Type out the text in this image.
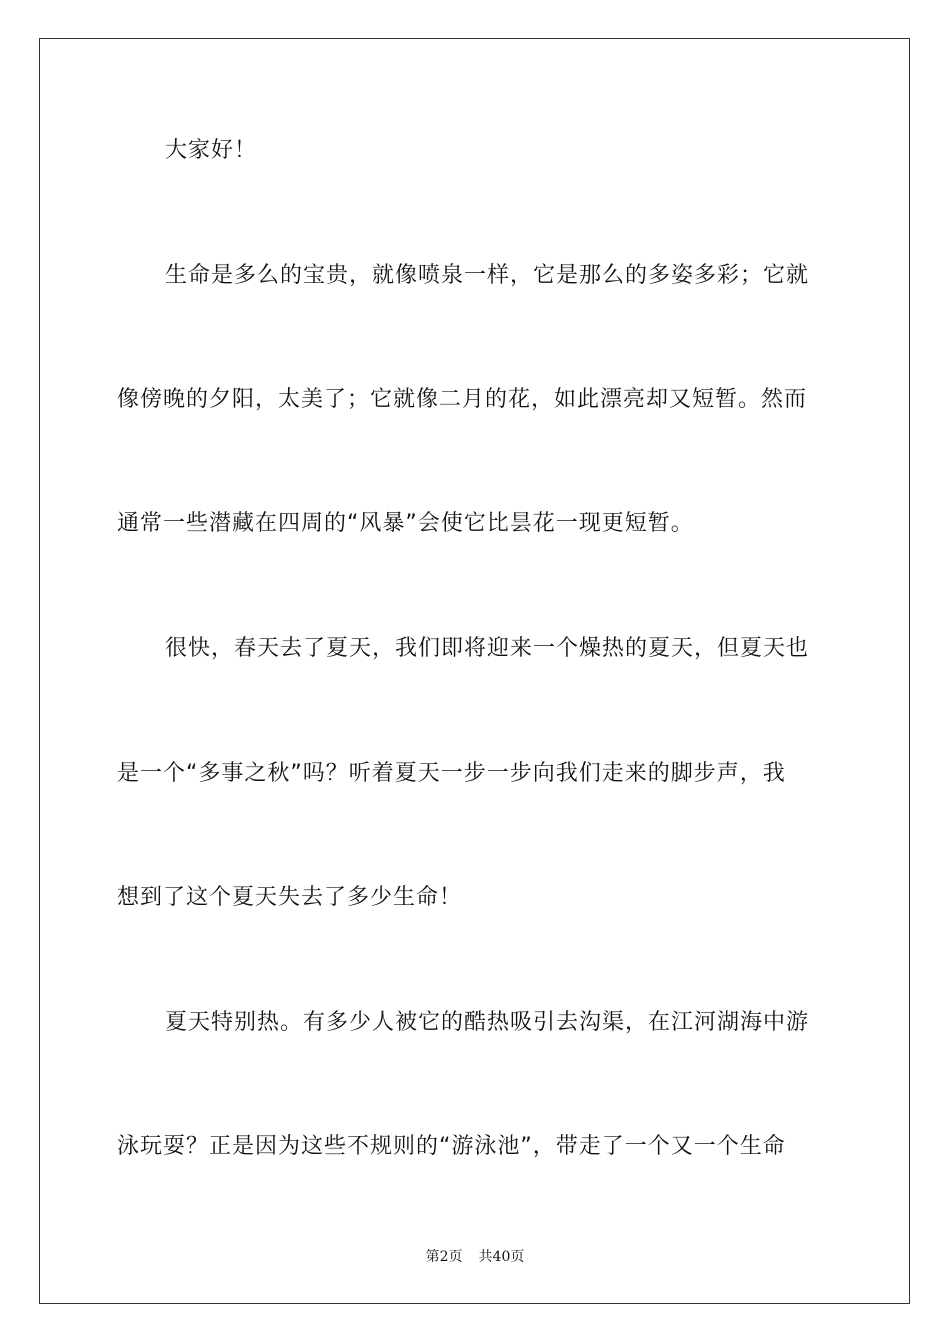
大家好！
生命是多么的宝贵，就像喷泉一样，它是那么的多姿多彩；它就
像傍晚的夕阳，太美了；它就像二月的花，如此漂亮却又短暂。然而
通常一些潜藏在四周的“风暴”会使它比昙花一现更短暂。
很快，春天去了夏天，我们即将迎来一个燥热的夏天，但夏天也
是一个“多事之秋”吗？听着夏天一步一步向我们走来的脚步声，我
想到了这个夏天失去了多少生命！
夏天特别热。有多少人被它的酷热吸引去沟渠，在江河湖海中游
泳玩耍？正是因为这些不规则的“游泳池”，带走了一个又一个生命
第2页 共40页
